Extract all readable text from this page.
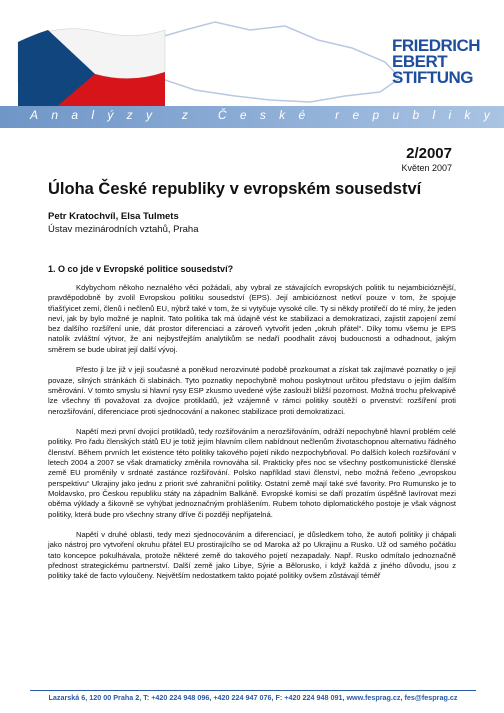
FRIEDRICH
EBERT
STIFTUNG
A n a l ý z y
z
Č e s k é
r e p u b l i k y
2/2007
Květen 2007
Úloha České republiky v evropském sousedství
Petr Kratochvíl, Elsa Tulmets
Ústav mezinárodních vztahů, Praha
1. O co jde v Evropské politice sousedství?

Kdybychom někoho neznalého věci požádali, aby vybral ze stávajících evropských politik tu nejambicióznější, pravděpodobně by zvolil Evropskou politiku sousedství (EPS). Její ambicióznost netkví pouze v tom, že spojuje třiašťyicet zemí, členů i nečlenů EU, nýbrž také v tom, že si vytyčuje vysoké cíle. Ty si někdy protiřečí do té míry, že jeden neví, jak by bylo možné je naplnit. Tato politika tak má údajně vést ke stabilizaci a demokratizaci, zajistit zapojení zemí bez dalšího rozšíření unie, dát prostor diferenciaci a zároveň vytvořit jeden „okruh přátel“. Díky tomu všemu je EPS natolik zvláštní výtvor, že ani nejbystřejším analytikům se nedaří poodhalit závoj budoucnosti a odhadnout, jakým směrem se bude ubírat její další vývoj.

Přesto ji lze již v její současné a poněkud nerozvinuté podobě prozkoumat a získat tak zajímavé poznatky o její povaze, silných stránkách či slabinách. Tyto poznatky nepochybně mohou poskytnout určitou představu o jejím dalším směrování. V tomto smyslu si hlavní rysy ESP zkusmo uvedené výše zaslouží bližší pozornost. Možná trochu překvapivě lze všechny tři považovat za dvojice protikladů, jež vzájemně v rámci politiky soutěží o prvenství: rozšíření proti nerozšiřování, diferenciace proti sjednocování a nakonec stabilizace proti demokratizaci.

Napětí mezi první dvojicí protikladů, tedy rozšiřováním a nerozšiřováním, odráží nepochybně hlavní problém celé politiky. Pro řadu členských států EU je totiž jejím hlavním cílem nabídnout nečlenům životaschopnou alternativu řádného členství. Během prvních let existence této politiky takového pojetí nikdo nezpochybňoval. Po dalších kolech rozšiřování v letech 2004 a 2007 se však dramaticky změnila rovnováha sil. Prakticky přes noc se všechny postkomunistické členské země EU proměnily v srdnaté zastánce rozšiřování. Polsko například stavi členství, nebo možná řečeno „evropskou perspektivu“ Ukrajiny jako jednu z priorit své zahraniční politiky. Ostatní země mají také své favority. Pro Rumunsko je to Moldavsko, pro Českou republiku státy na západním Balkáně. Evropské komisi se daří prozatím úspěšně lavírovat mezi oběma výklady a šikovně se vyhýbat jednoznačným prohlášením. Rubem tohoto diplomatického postoje je však vágnost politiky, která bude pro všechny strany dříve či později nepřijatelná.

Napětí v druhé oblasti, tedy mezi sjednocováním a diferenciací, je důsledkem toho, že autoři politiky ji chápali jako nástroj pro vytvoření okruhu přátel EU prostirajícího se od Maroka až po Ukrajinu a Rusko. Už od samého počátku tato koncepce pokulhávala, protože některé země do takového pojetí nezapadaly. Např. Rusko odmítalo jednoznačně přednost strategickému partnerství. Další země jako Libye, Sýrie a Bělorusko, i když každá z jiného důvodu, jsou z politiky také de facto vyloučeny. Největším nedostatkem takto pojaté politiky ovšem zůstávají téměř

Lazarská 6, 120 00 Praha 2, T: +420 224 948 096, +420 224 947 076, F: +420 224 948 091, www.fesprag.cz, fes@fesprag.cz
